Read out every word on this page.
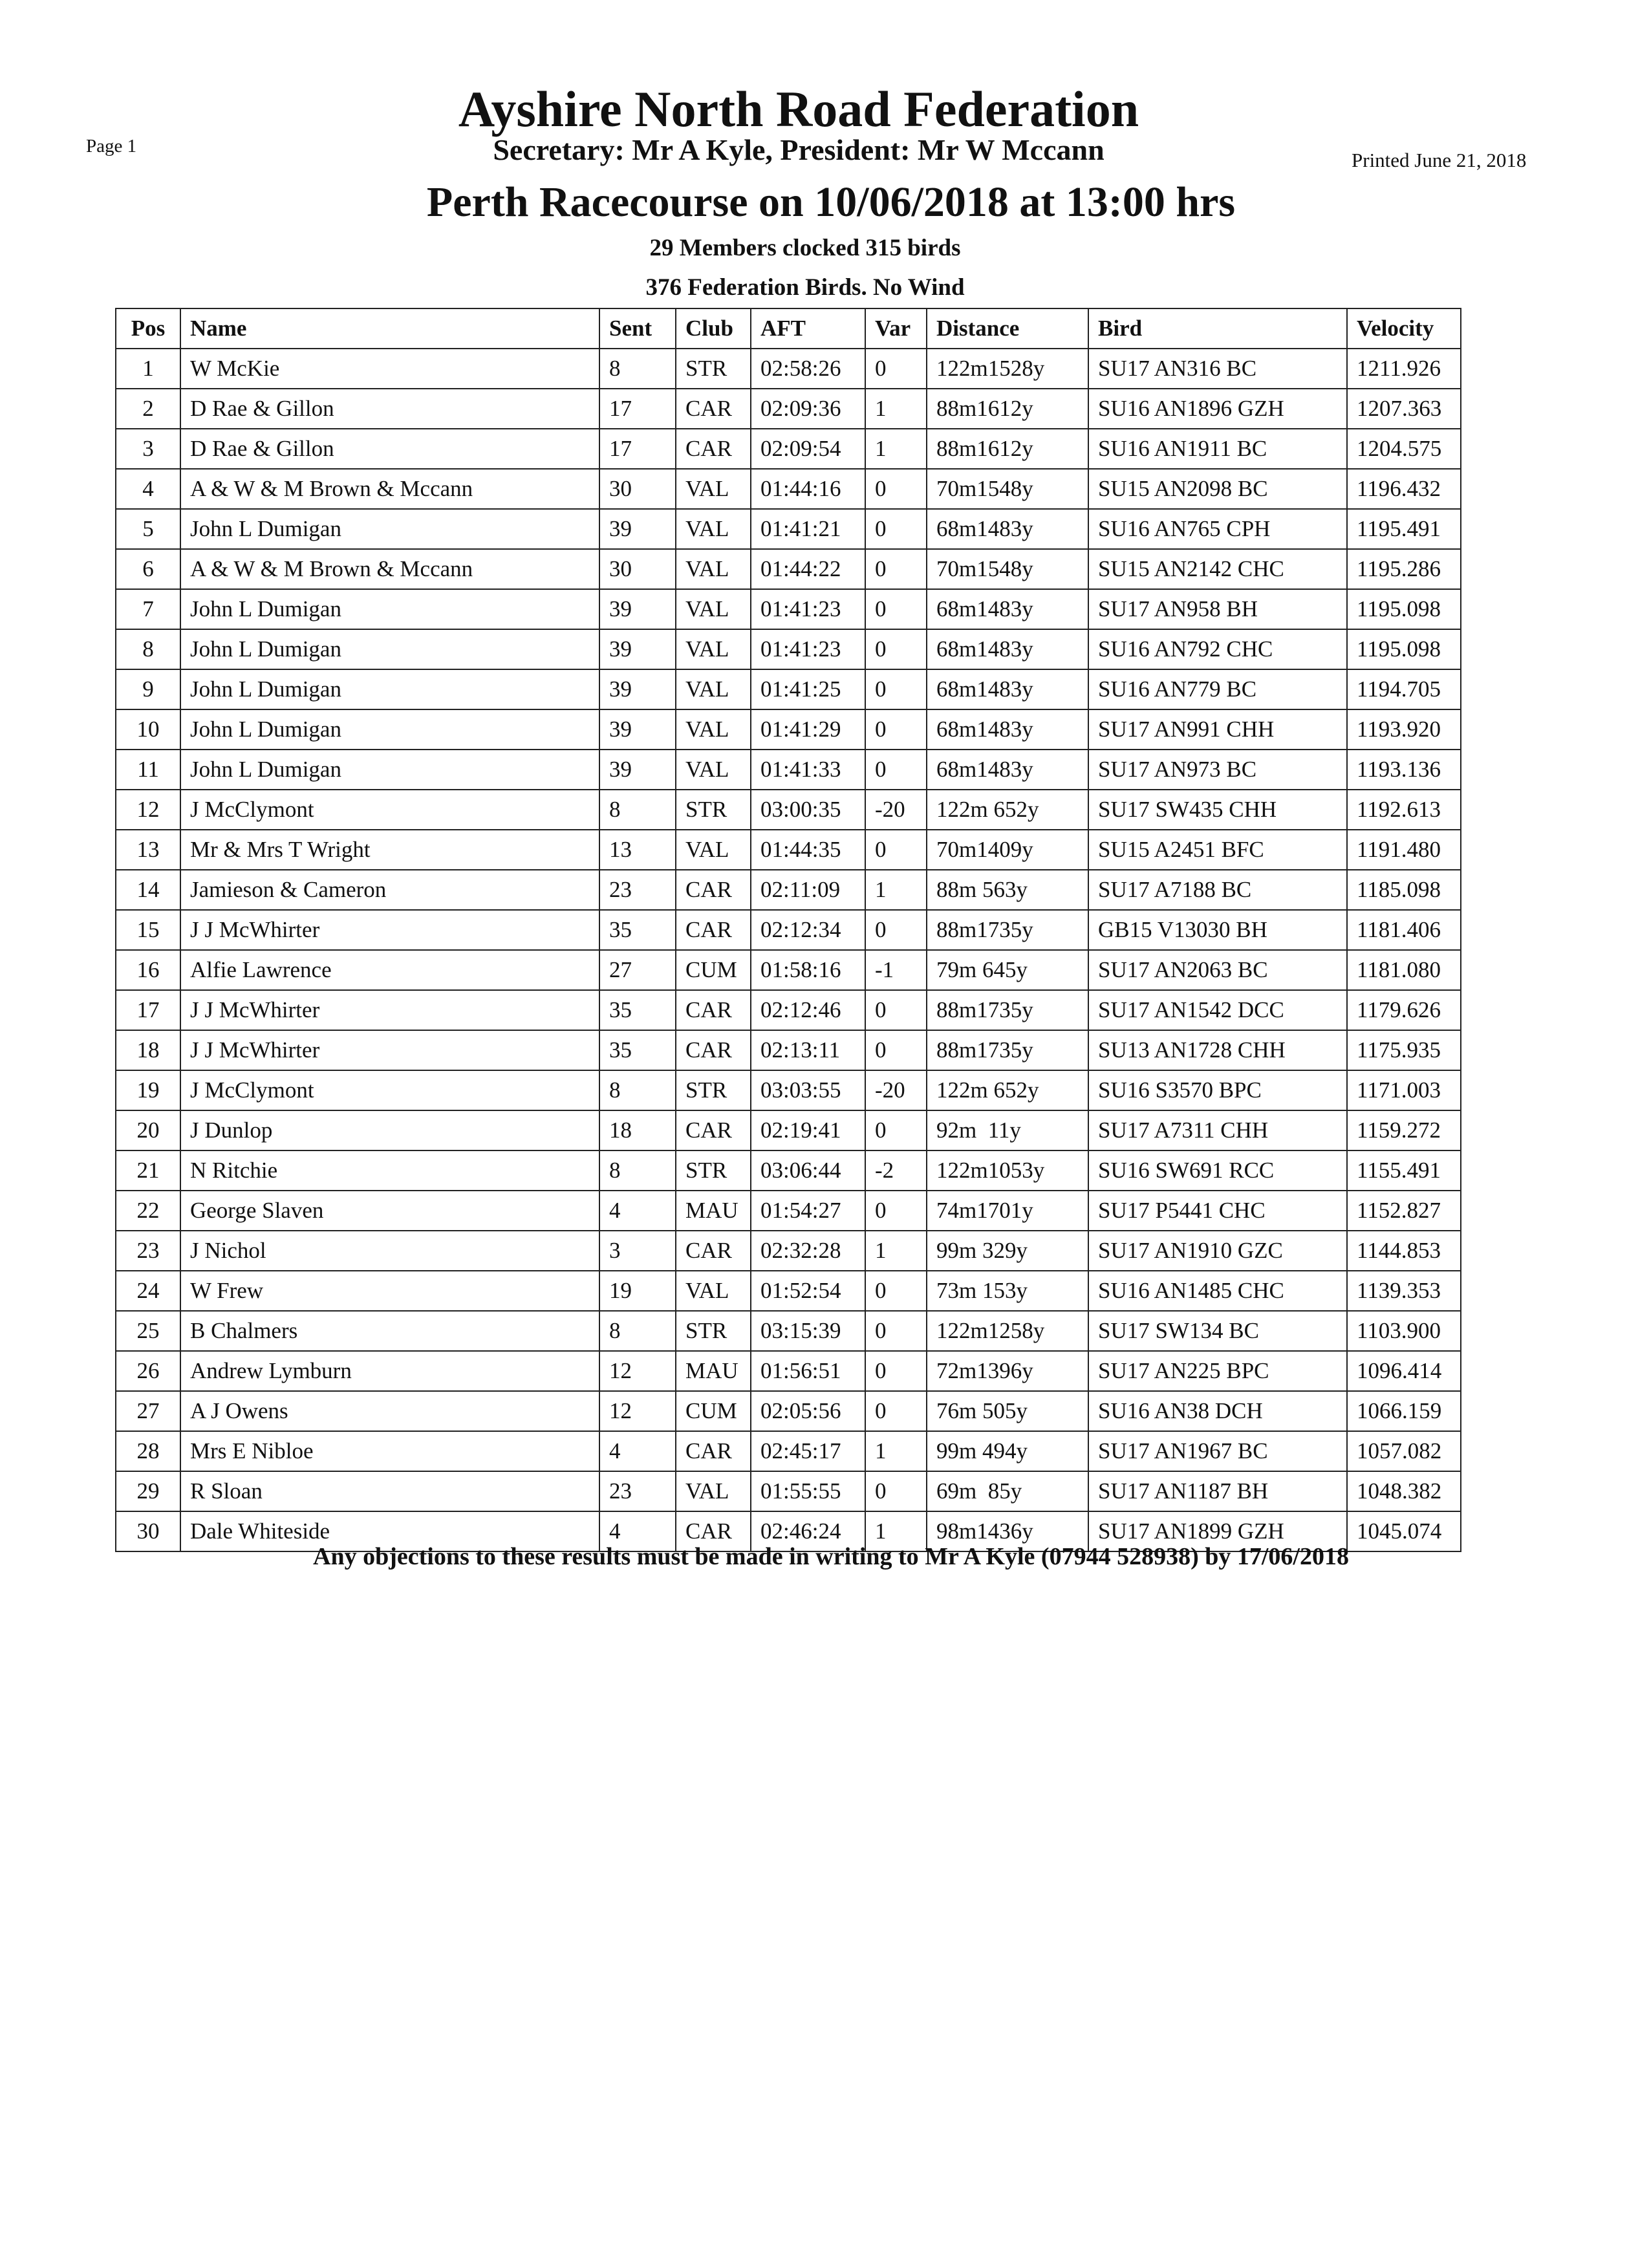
Page 1
Printed June 21, 2018
Ayshire North Road Federation
Secretary: Mr A Kyle, President: Mr W Mccann
Perth Racecourse on 10/06/2018 at 13:00 hrs
29 Members clocked 315 birds
376 Federation Birds. No Wind
Pos	Name	Sent	Club	AFT	Var	Distance	Bird	Velocity
1	W McKie	8	STR	02:58:26	0	122m1528y	SU17 AN316 BC	1211.926
2	D Rae & Gillon	17	CAR	02:09:36	1	88m1612y	SU16 AN1896 GZH	1207.363
3	D Rae & Gillon	17	CAR	02:09:54	1	88m1612y	SU16 AN1911 BC	1204.575
4	A & W & M Brown & Mccann	30	VAL	01:44:16	0	70m1548y	SU15 AN2098 BC	1196.432
5	John L Dumigan	39	VAL	01:41:21	0	68m1483y	SU16 AN765 CPH	1195.491
6	A & W & M Brown & Mccann	30	VAL	01:44:22	0	70m1548y	SU15 AN2142 CHC	1195.286
7	John L Dumigan	39	VAL	01:41:23	0	68m1483y	SU17 AN958 BH	1195.098
8	John L Dumigan	39	VAL	01:41:23	0	68m1483y	SU16 AN792 CHC	1195.098
9	John L Dumigan	39	VAL	01:41:25	0	68m1483y	SU16 AN779 BC	1194.705
10	John L Dumigan	39	VAL	01:41:29	0	68m1483y	SU17 AN991 CHH	1193.920
11	John L Dumigan	39	VAL	01:41:33	0	68m1483y	SU17 AN973 BC	1193.136
12	J McClymont	8	STR	03:00:35	-20	122m 652y	SU17 SW435 CHH	1192.613
13	Mr & Mrs T Wright	13	VAL	01:44:35	0	70m1409y	SU15 A2451 BFC	1191.480
14	Jamieson & Cameron	23	CAR	02:11:09	1	88m 563y	SU17 A7188 BC	1185.098
15	J J McWhirter	35	CAR	02:12:34	0	88m1735y	GB15 V13030 BH	1181.406
16	Alfie Lawrence	27	CUM	01:58:16	-1	79m 645y	SU17 AN2063 BC	1181.080
17	J J McWhirter	35	CAR	02:12:46	0	88m1735y	SU17 AN1542 DCC	1179.626
18	J J McWhirter	35	CAR	02:13:11	0	88m1735y	SU13 AN1728 CHH	1175.935
19	J McClymont	8	STR	03:03:55	-20	122m 652y	SU16 S3570 BPC	1171.003
20	J Dunlop	18	CAR	02:19:41	0	92m  11y	SU17 A7311 CHH	1159.272
21	N Ritchie	8	STR	03:06:44	-2	122m1053y	SU16 SW691 RCC	1155.491
22	George Slaven	4	MAU	01:54:27	0	74m1701y	SU17 P5441 CHC	1152.827
23	J Nichol	3	CAR	02:32:28	1	99m 329y	SU17 AN1910 GZC	1144.853
24	W Frew	19	VAL	01:52:54	0	73m 153y	SU16 AN1485 CHC	1139.353
25	B Chalmers	8	STR	03:15:39	0	122m1258y	SU17 SW134 BC	1103.900
26	Andrew Lymburn	12	MAU	01:56:51	0	72m1396y	SU17 AN225 BPC	1096.414
27	A J Owens	12	CUM	02:05:56	0	76m 505y	SU16 AN38 DCH	1066.159
28	Mrs E Nibloe	4	CAR	02:45:17	1	99m 494y	SU17 AN1967 BC	1057.082
29	R Sloan	23	VAL	01:55:55	0	69m  85y	SU17 AN1187 BH	1048.382
30	Dale Whiteside	4	CAR	02:46:24	1	98m1436y	SU17 AN1899 GZH	1045.074
Any objections to these results must be made in writing to Mr A Kyle (07944 528938) by 17/06/2018
